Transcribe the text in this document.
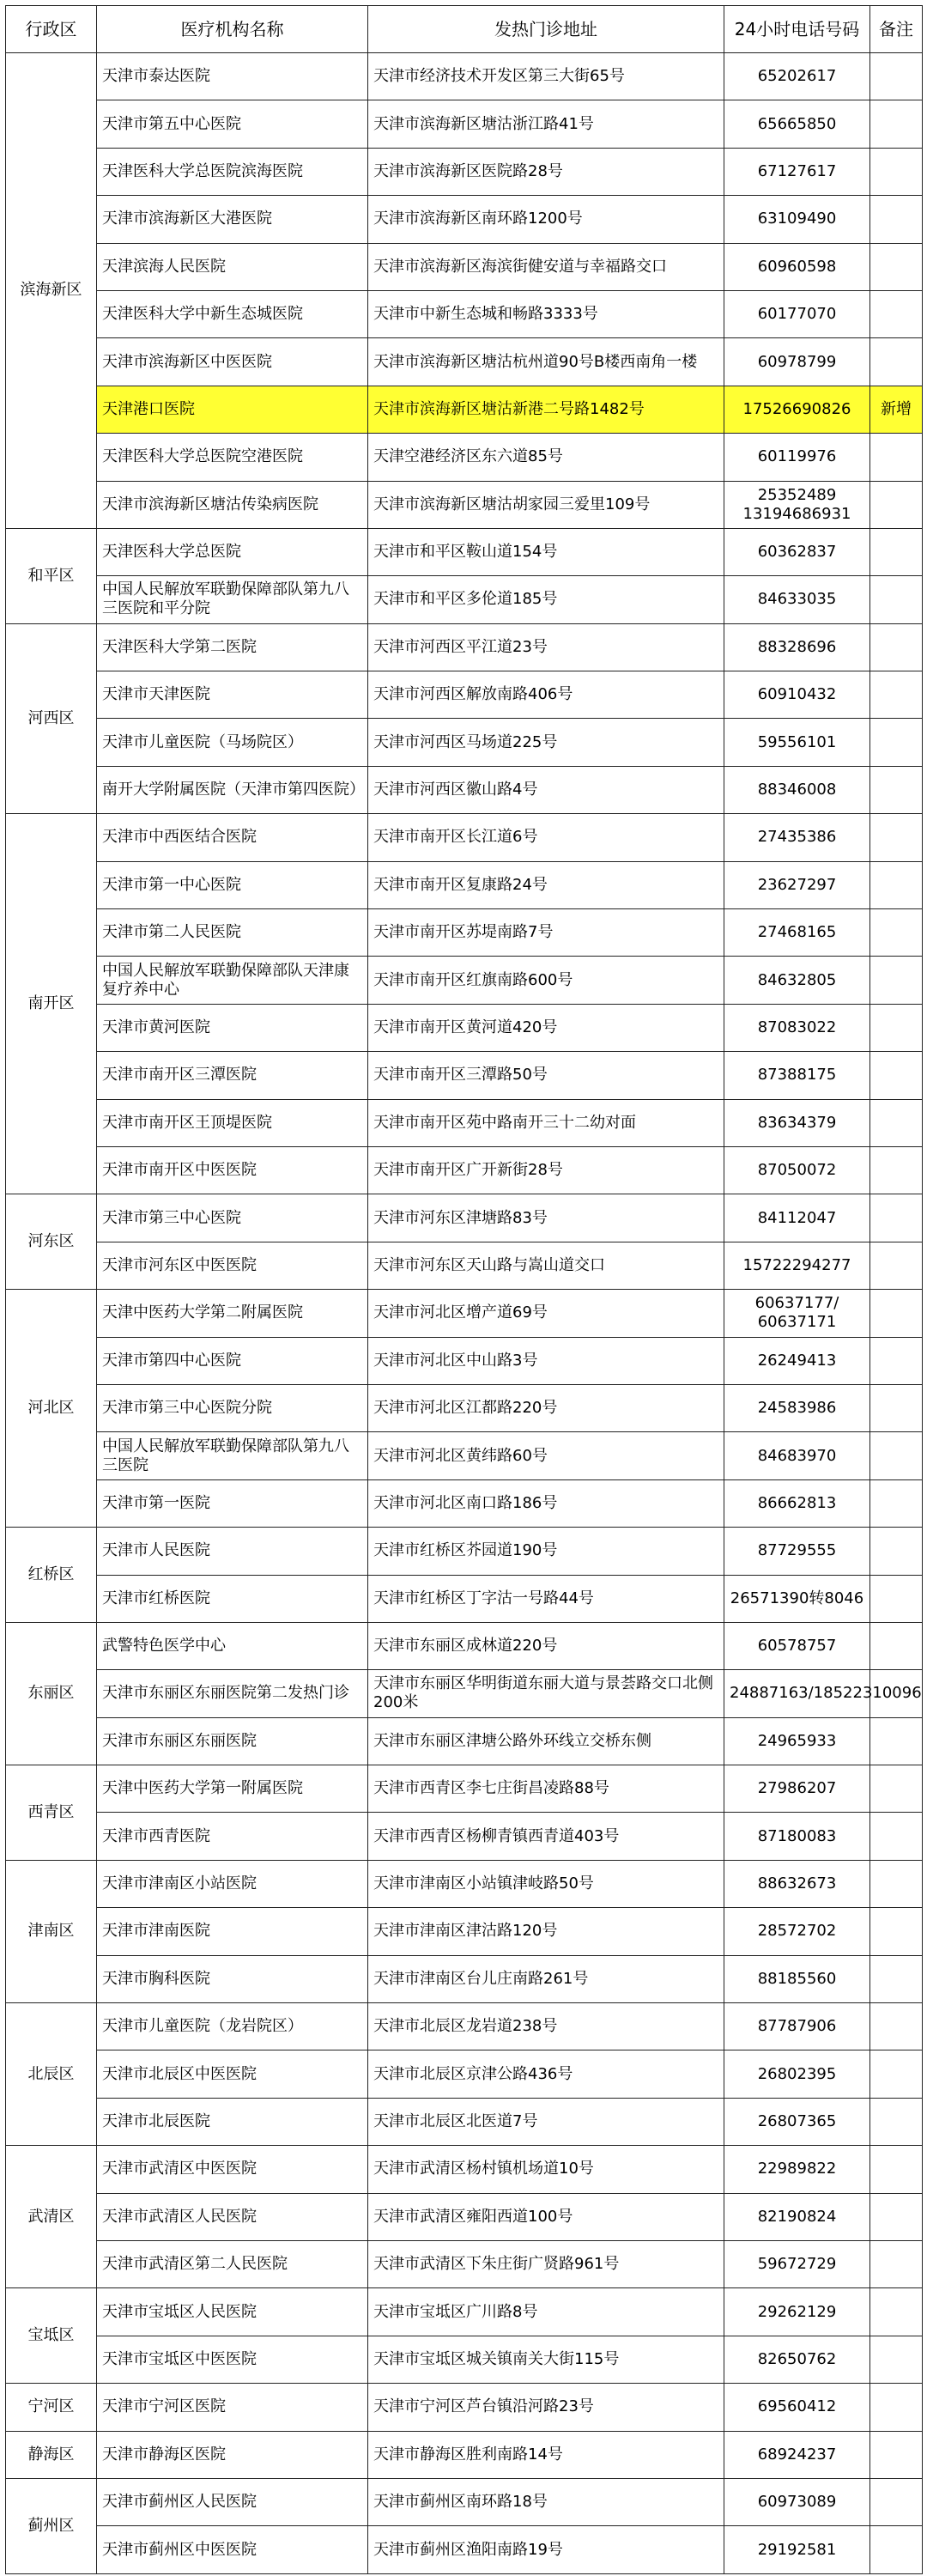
行政区	医疗机构名称	发热门诊地址	24小时电话号码	备注
滨海新区	天津市泰达医院	天津市经济技术开发区第三大街65号	65202617	
	天津市第五中心医院	天津市滨海新区塘沽浙江路41号	65665850	
	天津医科大学总医院滨海医院	天津市滨海新区医院路28号	67127617	
	天津市滨海新区大港医院	天津市滨海新区南环路1200号	63109490	
	天津滨海人民医院	天津市滨海新区海滨街健安道与幸福路交口	60960598	
	天津医科大学中新生态城医院	天津市中新生态城和畅路3333号	60177070	
	天津市滨海新区中医医院	天津市滨海新区塘沽杭州道90号B楼西南角一楼	60978799	
	天津港口医院	天津市滨海新区塘沽新港二号路1482号	17526690826	新增
	天津医科大学总医院空港医院	天津空港经济区东六道85号	60119976	
	天津市滨海新区塘沽传染病医院	天津市滨海新区塘沽胡家园三爱里109号	25352489 13194686931	
和平区	天津医科大学总医院	天津市和平区鞍山道154号	60362837	
	中国人民解放军联勤保障部队第九八三医院和平分院	天津市和平区多伦道185号	84633035	
河西区	天津医科大学第二医院	天津市河西区平江道23号	88328696	
	天津市天津医院	天津市河西区解放南路406号	60910432	
	天津市儿童医院（马场院区）	天津市河西区马场道225号	59556101	
	南开大学附属医院（天津市第四医院）	天津市河西区徽山路4号	88346008	
南开区	天津市中西医结合医院	天津市南开区长江道6号	27435386	
	天津市第一中心医院	天津市南开区复康路24号	23627297	
	天津市第二人民医院	天津市南开区苏堤南路7号	27468165	
	中国人民解放军联勤保障部队天津康复疗养中心	天津市南开区红旗南路600号	84632805	
	天津市黄河医院	天津市南开区黄河道420号	87083022	
	天津市南开区三潭医院	天津市南开区三潭路50号	87388175	
	天津市南开区王顶堤医院	天津市南开区苑中路南开三十二幼对面	83634379	
	天津市南开区中医医院	天津市南开区广开新街28号	87050072	
河东区	天津市第三中心医院	天津市河东区津塘路83号	84112047	
	天津市河东区中医医院	天津市河东区天山路与嵩山道交口	15722294277	
河北区	天津中医药大学第二附属医院	天津市河北区增产道69号	60637177/ 60637171	
	天津市第四中心医院	天津市河北区中山路3号	26249413	
	天津市第三中心医院分院	天津市河北区江都路220号	24583986	
	中国人民解放军联勤保障部队第九八三医院	天津市河北区黄纬路60号	84683970	
	天津市第一医院	天津市河北区南口路186号	86662813	
红桥区	天津市人民医院	天津市红桥区芥园道190号	87729555	
	天津市红桥医院	天津市红桥区丁字沽一号路44号	26571390转8046	
东丽区	武警特色医学中心	天津市东丽区成林道220号	60578757	
	天津市东丽区东丽医院第二发热门诊	天津市东丽区华明街道东丽大道与景荟路交口北侧200米	24887163/18522310096	
	天津市东丽区东丽医院	天津市东丽区津塘公路外环线立交桥东侧	24965933	
西青区	天津中医药大学第一附属医院	天津市西青区李七庄街昌凌路88号	27986207	
	天津市西青医院	天津市西青区杨柳青镇西青道403号	87180083	
津南区	天津市津南区小站医院	天津市津南区小站镇津岐路50号	88632673	
	天津市津南医院	天津市津南区津沽路120号	28572702	
	天津市胸科医院	天津市津南区台儿庄南路261号	88185560	
北辰区	天津市儿童医院（龙岩院区）	天津市北辰区龙岩道238号	87787906	
	天津市北辰区中医医院	天津市北辰区京津公路436号	26802395	
	天津市北辰医院	天津市北辰区北医道7号	26807365	
武清区	天津市武清区中医医院	天津市武清区杨村镇机场道10号	22989822	
	天津市武清区人民医院	天津市武清区雍阳西道100号	82190824	
	天津市武清区第二人民医院	天津市武清区下朱庄街广贤路961号	59672729	
宝坻区	天津市宝坻区人民医院	天津市宝坻区广川路8号	29262129	
	天津市宝坻区中医医院	天津市宝坻区城关镇南关大街115号	82650762	
宁河区	天津市宁河区医院	天津市宁河区芦台镇沿河路23号	69560412	
静海区	天津市静海区医院	天津市静海区胜利南路14号	68924237	
蓟州区	天津市蓟州区人民医院	天津市蓟州区南环路18号	60973089	
	天津市蓟州区中医医院	天津市蓟州区渔阳南路19号	29192581	
